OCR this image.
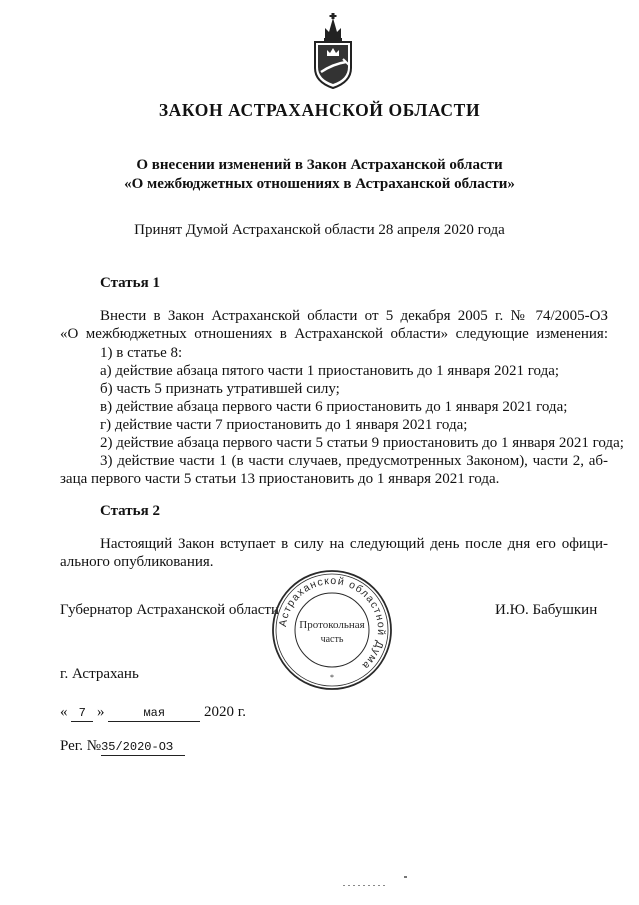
ЗАКОН АСТРАХАНСКОЙ ОБЛАСТИ
О внесении изменений в Закон Астраханской области
«О межбюджетных отношениях в Астраханской области»
Принят Думой Астраханской области 28 апреля 2020 года
Статья 1
Внести в Закон Астраханской области от 5 декабря 2005 г. № 74/2005-ОЗ
«О межбюджетных отношениях в Астраханской области» следующие изменения:
1) в статье 8:
а) действие абзаца пятого части 1 приостановить до 1 января 2021 года;
б) часть 5 признать утратившей силу;
в) действие абзаца первого части 6 приостановить до 1 января 2021 года;
г) действие части 7 приостановить до 1 января 2021 года;
2) действие абзаца первого части 5 статьи 9 приостановить до 1 января 2021 года;
3) действие части 1 (в части случаев, предусмотренных Законом), части 2, аб-
зaца первого части 5 статьи 13 приостановить до 1 января 2021 года.
Статья 2
Настоящий Закон вступает в силу на следующий день после дня его офици-
ального опубликования.
Губернатор Астраханской области	И.Ю. Бабушкин
Астраханской областной Дума
Протокольная
часть
*
г. Астрахань
« 7 »	мая	2020 г.
Рег. №35/2020-ОЗ
